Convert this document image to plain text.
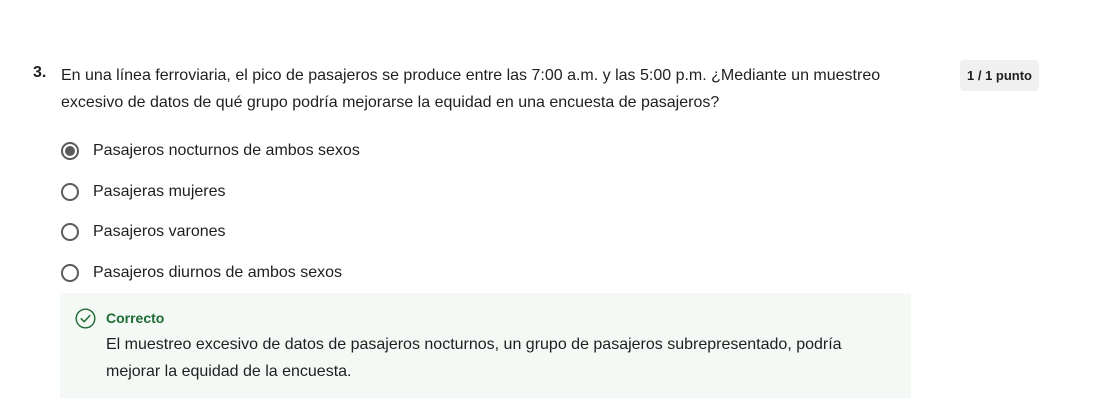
3. En una línea ferroviaria, el pico de pasajeros se produce entre las 7:00 a.m. y las 5:00 p.m. ¿Mediante un muestreo excesivo de datos de qué grupo podría mejorarse la equidad en una encuesta de pasajeros?
1 / 1 punto
Pasajeros nocturnos de ambos sexos
Pasajeras mujeres
Pasajeros varones
Pasajeros diurnos de ambos sexos
Correcto
El muestreo excesivo de datos de pasajeros nocturnos, un grupo de pasajeros subrepresentado, podría mejorar la equidad de la encuesta.
